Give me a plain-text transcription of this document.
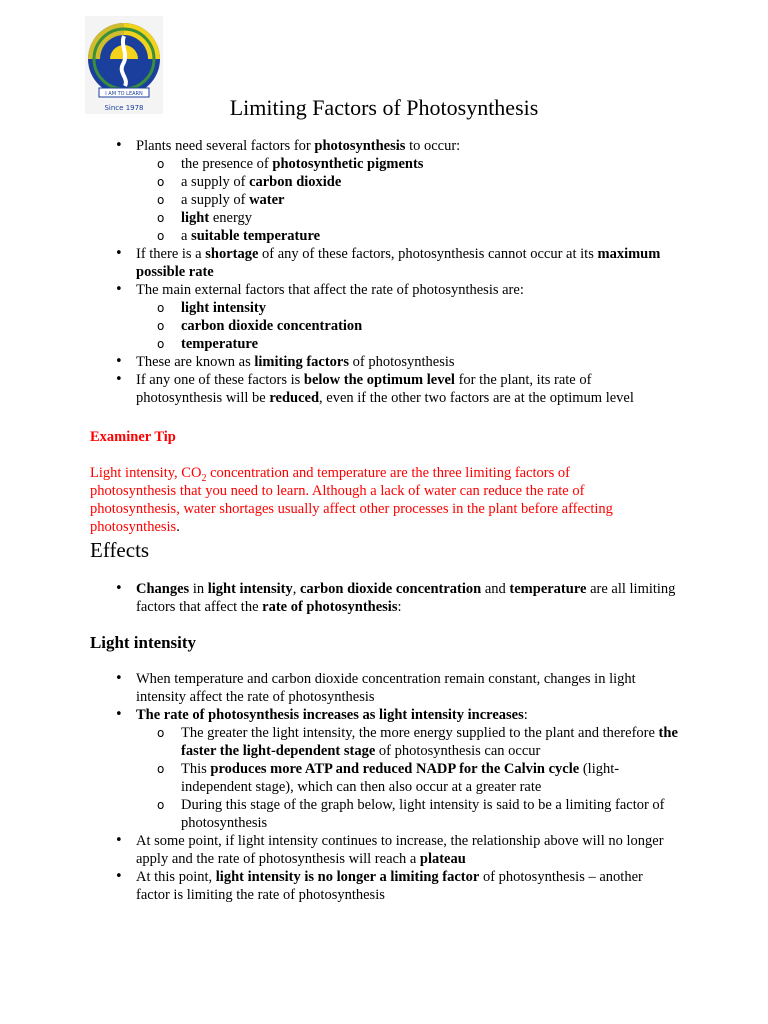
I AM TO LEARN
Since 1978	Limiting Factors of Photosynthesis
• Plants need several factors for photosynthesis to occur:
o the presence of photosynthetic pigments
o a supply of carbon dioxide
o a supply of water
o light energy
o a suitable temperature
• If there is a shortage of any of these factors, photosynthesis cannot occur at its maximum possible rate
• The main external factors that affect the rate of photosynthesis are:
o light intensity
o carbon dioxide concentration
o temperature
• These are known as limiting factors of photosynthesis
• If any one of these factors is below the optimum level for the plant, its rate of photosynthesis will be reduced, even if the other two factors are at the optimum level
Examiner Tip
Light intensity, $CO_2$ concentration and temperature are the three limiting factors of photosynthesis that you need to learn. Although a lack of water can reduce the rate of photosynthesis, water shortages usually affect other processes in the plant before affecting photosynthesis.
Effects
• Changes in light intensity, carbon dioxide concentration and temperature are all limiting factors that affect the rate of photosynthesis:
Light intensity
• When temperature and carbon dioxide concentration remain constant, changes in light intensity affect the rate of photosynthesis
• The rate of photosynthesis increases as light intensity increases:
o The greater the light intensity, the more energy supplied to the plant and therefore the faster the light-dependent stage of photosynthesis can occur
o This produces more ATP and reduced NADP for the Calvin cycle (light-independent stage), which can then also occur at a greater rate
o During this stage of the graph below, light intensity is said to be a limiting factor of photosynthesis
• At some point, if light intensity continues to increase, the relationship above will no longer apply and the rate of photosynthesis will reach a plateau
• At this point, light intensity is no longer a limiting factor of photosynthesis – another factor is limiting the rate of photosynthesis
